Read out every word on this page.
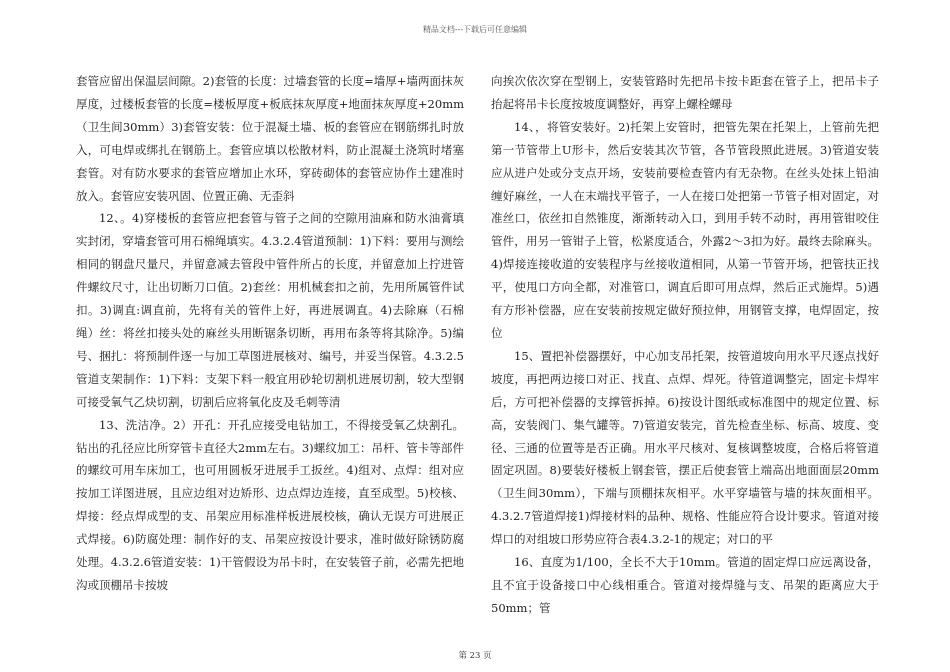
精品文档---下载后可任意编辑

套管应留出保温层间隙。2)套管的长度：过墙套管的长度=墙厚+墙两面抹灰厚度，过楼板套管的长度=楼板厚度+板底抹灰厚度+地面抹灰厚度+20mm（卫生间30mm）3)套管安装：位于混凝土墙、板的套管应在钢筋绑扎时放入，可电焊或绑扎在钢筋上。套管应填以松散材料，防止混凝土浇筑时堵塞套管。对有防水要求的套管应增加止水环，穿砖砌体的套管应协作土建准时放入。套管应安装巩固、位置正确、无歪斜

12、。4)穿楼板的套管应把套管与管子之间的空隙用油麻和防水油膏填实封闭，穿墙套管可用石棉绳填实。4.3.2.4管道预制：1)下料：要用与测绘相同的钢盘尺量尺，并留意减去管段中管件所占的长度，并留意加上拧进管件螺纹尺寸，让出切断刀口值。2)套丝：用机械套扣之前，先用所属管件试扣。3)调直:调直前，先将有关的管件上好，再进展调直。4)去除麻（石棉绳）丝：将丝扣接头处的麻丝头用断锯条切断，再用布条等将其除净。5)编号、捆扎：将预制件逐一与加工草图进展核对、编号，并妥当保管。4.3.2.5管道支架制作：1)下料：支架下料一般宜用砂轮切割机进展切割，较大型钢可接受氧气乙炔切割，切割后应将氧化皮及毛刺等清

13、洗洁净。2）开孔：开孔应接受电钻加工，不得接受氧乙炔割孔。钻出的孔径应比所穿管卡直径大2mm左右。3)螺纹加工：吊杆、管卡等部件的螺纹可用车床加工，也可用圆板牙进展手工扳丝。4)组对、点焊：组对应按加工详图进展，且应边组对边矫形、边点焊边连接，直至成型。5)校核、焊接：经点焊成型的支、吊架应用标准样板进展校核，确认无误方可进展正式焊接。6)防腐处理：制作好的支、吊架应按设计要求，准时做好除锈防腐处理。4.3.2.6管道安装：1)干管假设为吊卡时，在安装管子前，必需先把地沟或顶棚吊卡按坡

向挨次依次穿在型钢上，安装管路时先把吊卡按卡距套在管子上，把吊卡子抬起将吊卡长度按坡度调整好，再穿上螺栓螺母

14、，将管安装好。2)托架上安管时，把管先架在托架上，上管前先把第一节管带上U形卡，然后安装其次节管，各节管段照此进展。3)管道安装应从进户处或分支点开场，安装前要检查管内有无杂物。在丝头处抹上铅油缠好麻丝，一人在末端找平管子，一人在接口处把第一节管子相对固定，对准丝口，依丝扣自然锥度，渐渐转动入口，到用手转不动时，再用管钳咬住管件，用另一管钳子上管，松紧度适合，外露2～3扣为好。最终去除麻头。4)焊接连接收道的安装程序与丝接收道相同，从第一节管开场，把管扶正找平，使甩口方向全都，对准管口，调直后即可用点焊，然后正式施焊。5)遇有方形补偿器，应在安装前按规定做好预拉伸，用钢管支撑，电焊固定，按位

15、置把补偿器摆好，中心加支吊托架，按管道坡向用水平尺逐点找好坡度，再把两边接口对正、找直、点焊、焊死。待管道调整完，固定卡焊牢后，方可把补偿器的支撑管拆掉。6)按设计图纸或标准图中的规定位置、标高，安装阀门、集气罐等。7)管道安装完，首先检查坐标、标高、坡度、变径、三通的位置等是否正确。用水平尺核对、复核调整坡度，合格后将管道固定巩固。8)要装好楼板上钢套管，摆正后使套管上端高出地面面层20mm（卫生间30mm），下端与顶棚抹灰相平。水平穿墙管与墙的抹灰面相平。4.3.2.7管道焊接1)焊接材料的品种、规格、性能应符合设计要求。管道对接焊口的对组坡口形势应符合表4.3.2-1的规定；对口的平

16、直度为1/100，全长不大于10mm。管道的固定焊口应远离设备，且不宜于设备接口中心线相重合。管道对接焊缝与支、吊架的距离应大于50mm；管

第 23 页
